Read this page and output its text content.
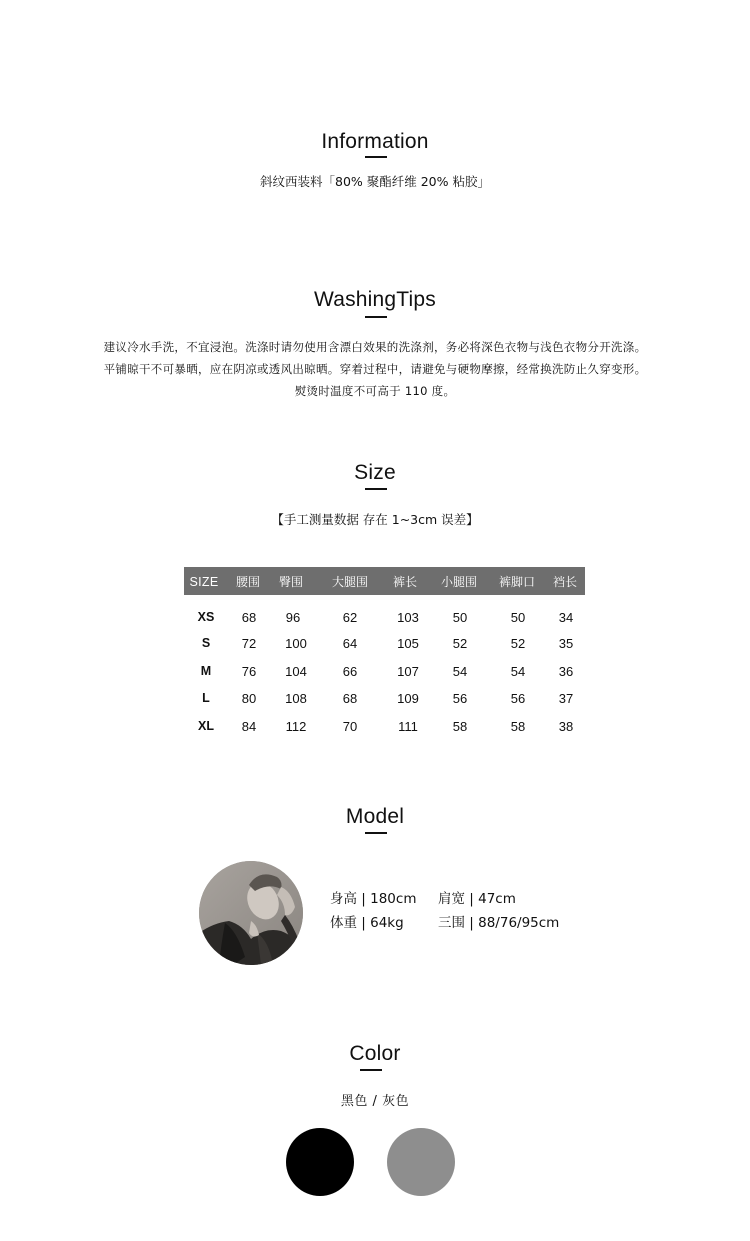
Information
斜纹西装料「80% 聚酯纤维 20% 粘胶」
WashingTips
建议冷水手洗，不宜浸泡。洗涤时请勿使用含漂白效果的洗涤剂，务必将深色衣物与浅色衣物分开洗涤。
平铺晾干不可暴晒，应在阴凉或透风出晾晒。穿着过程中，请避免与硬物摩擦，经常换洗防止久穿变形。
熨烫时温度不可高于 110 度。
Size
【手工测量数据 存在 1~3cm 误差】
SIZE 腰围 臀围 大腿围 裤长 小腿围 裤脚口 裆长
XS 68 96	62	103	50	50	34
S 72 100	64	105	52	52	35
M 76 104	66	107	54	54	36
L 80 108	68	109	56	56	37
XL 84 112	70	111	58	58	38
Model
身高 | 180cm 肩宽 | 47cm
体重 | 64kg	三围 | 88/76/95cm
Color
黑色 / 灰色
